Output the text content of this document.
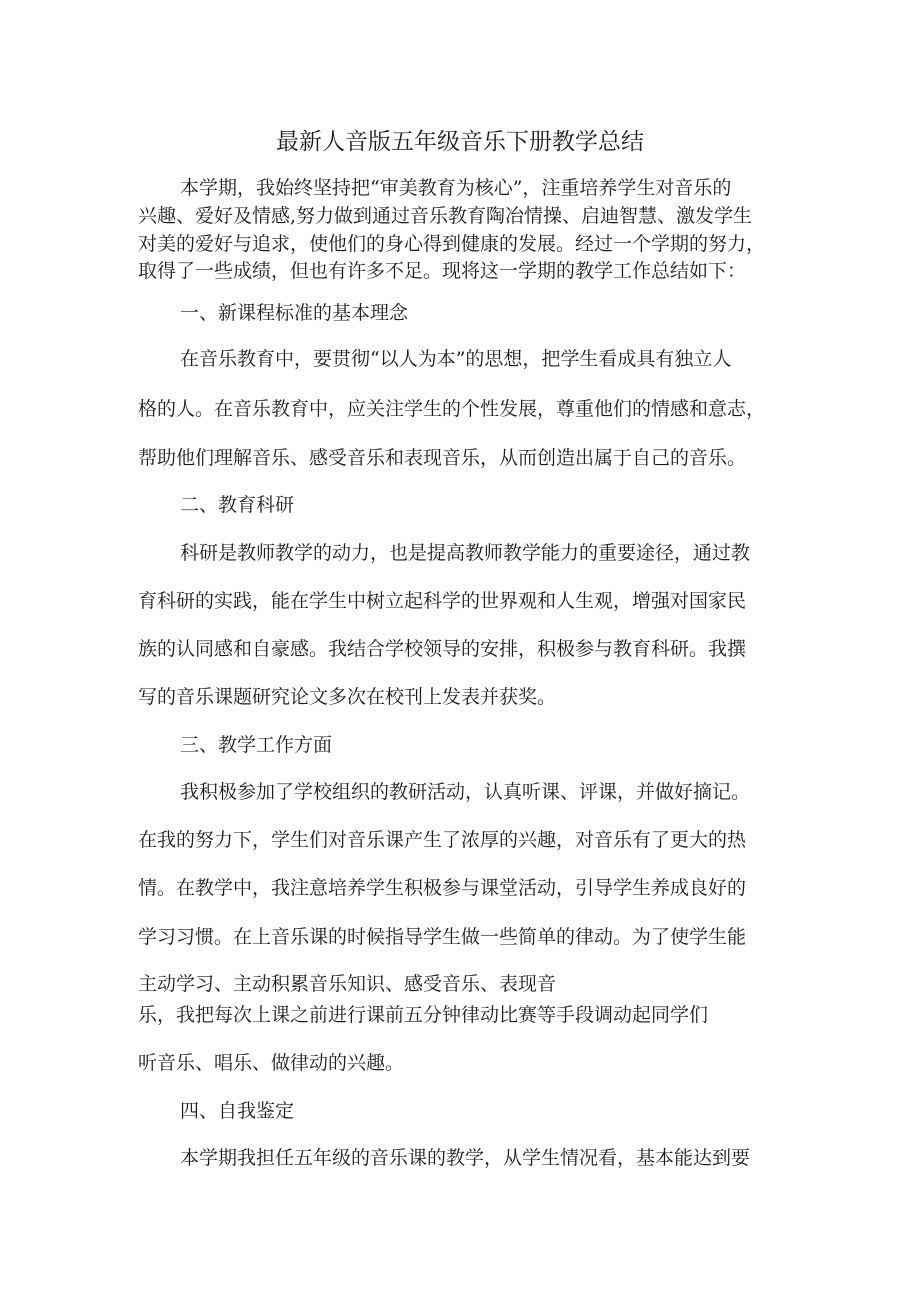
最新人音版五年级音乐下册教学总结
本学期，我始终坚持把“审美教育为核心”，注重培养学生对音乐的
兴趣、爱好及情感,努力做到通过音乐教育陶冶情操、启迪智慧、激发学生
对美的爱好与追求，使他们的身心得到健康的发展。经过一个学期的努力，
取得了一些成绩，但也有许多不足。现将这一学期的教学工作总结如下：
一、新课程标准的基本理念
在音乐教育中，要贯彻“以人为本”的思想，把学生看成具有独立人
格的人。在音乐教育中，应关注学生的个性发展，尊重他们的情感和意志，
帮助他们理解音乐、感受音乐和表现音乐，从而创造出属于自己的音乐。
二、教育科研
科研是教师教学的动力，也是提高教师教学能力的重要途径，通过教
育科研的实践，能在学生中树立起科学的世界观和人生观，增强对国家民
族的认同感和自豪感。我结合学校领导的安排，积极参与教育科研。我撰
写的音乐课题研究论文多次在校刊上发表并获奖。
三、教学工作方面
我积极参加了学校组织的教研活动，认真听课、评课，并做好摘记。
在我的努力下，学生们对音乐课产生了浓厚的兴趣，对音乐有了更大的热
情。在教学中，我注意培养学生积极参与课堂活动，引导学生养成良好的
学习习惯。在上音乐课的时候指导学生做一些简单的律动。为了使学生能
主动学习、主动积累音乐知识、感受音乐、表现音
乐，我把每次上课之前进行课前五分钟律动比赛等手段调动起同学们
听音乐、唱乐、做律动的兴趣。
四、自我鉴定
本学期我担任五年级的音乐课的教学，从学生情况看，基本能达到要
